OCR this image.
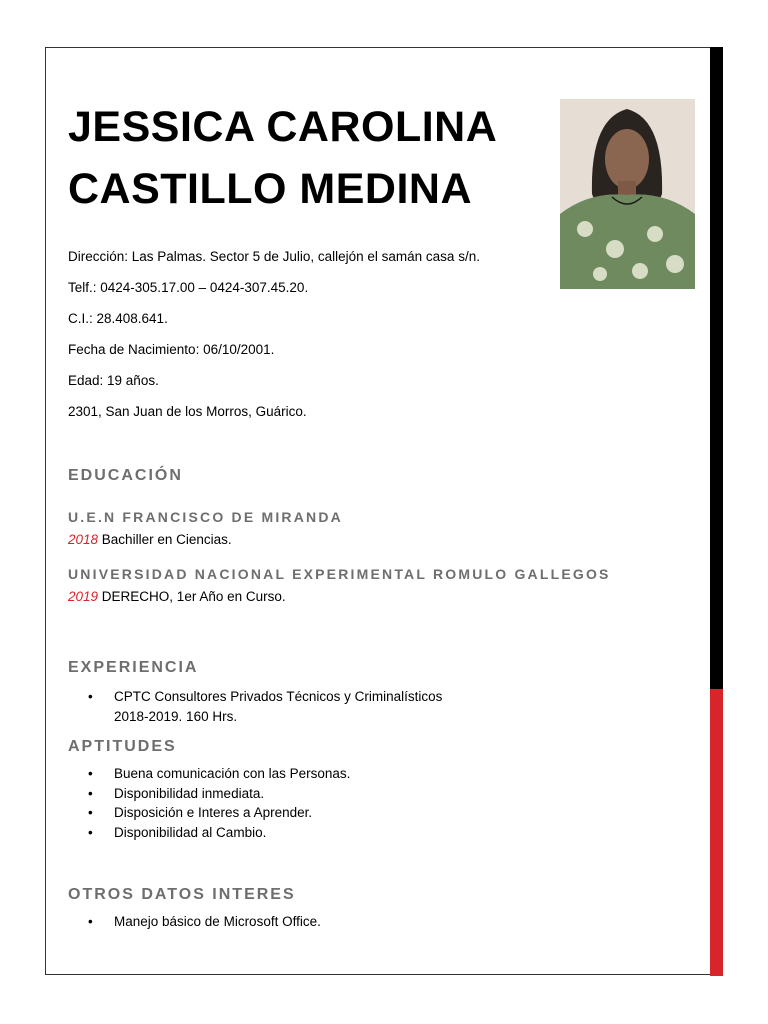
JESSICA CAROLINA
CASTILLO MEDINA
Dirección: Las Palmas. Sector 5 de Julio, callejón el samán casa s/n.
Telf.: 0424-305.17.00 – 0424-307.45.20.
C.I.: 28.408.641.
Fecha de Nacimiento: 06/10/2001.
Edad: 19 años.
2301, San Juan de los Morros, Guárico.
EDUCACIÓN
U.E.N FRANCISCO DE MIRANDA
2018 Bachiller en Ciencias.
UNIVERSIDAD NACIONAL EXPERIMENTAL ROMULO GALLEGOS
2019 DERECHO, 1er Año en Curso.
EXPERIENCIA
• CPTC Consultores Privados Técnicos y Criminalísticos
2018-2019. 160 Hrs.
APTITUDES
• Buena comunicación con las Personas.
• Disponibilidad inmediata.
• Disposición e Interes a Aprender.
• Disponibilidad al Cambio.
OTROS DATOS INTERES
• Manejo básico de Microsoft Office.
